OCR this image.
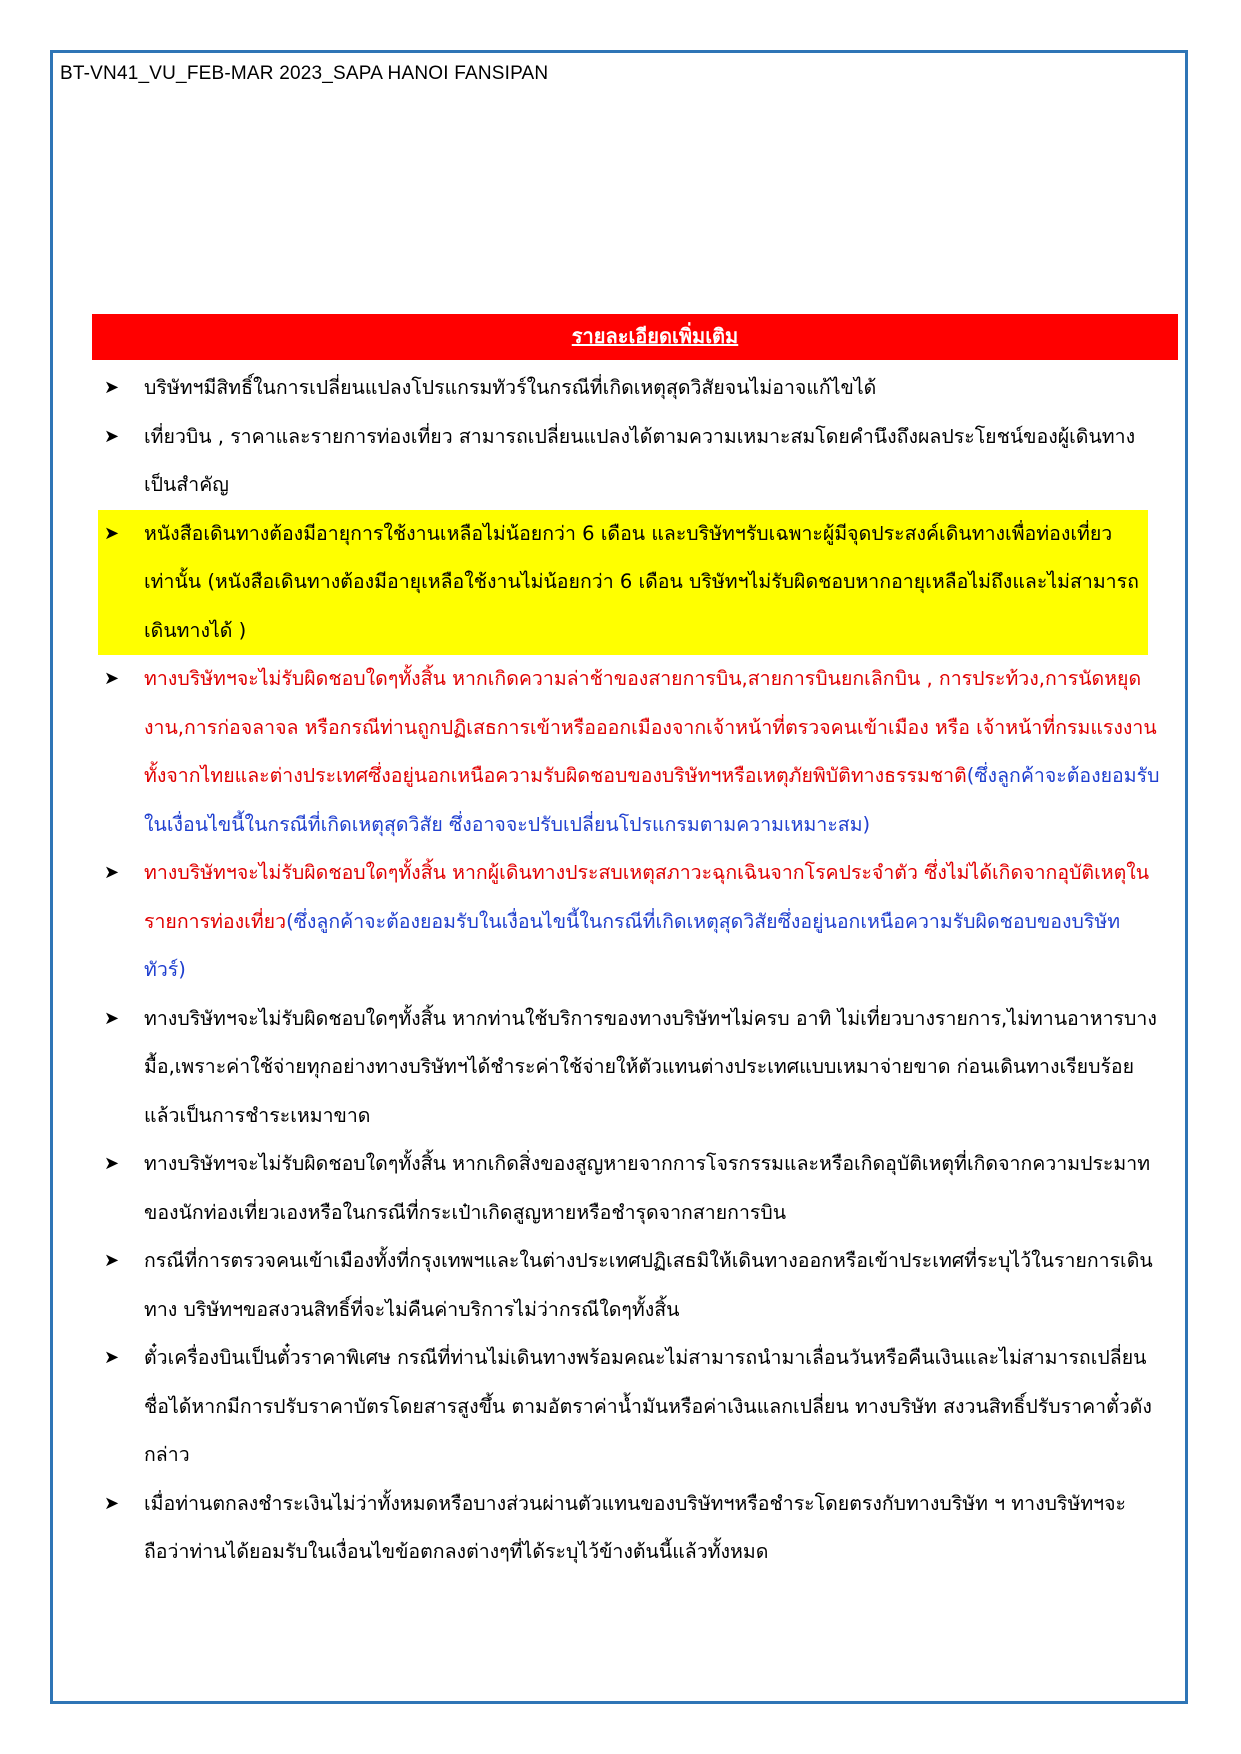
BT-VN41_VU_FEB-MAR 2023_SAPA HANOI FANSIPAN
รายละเอียดเพิ่มเติม
➤ บริษัทฯมีสิทธิ์ในการเปลี่ยนแปลงโปรแกรมทัวร์ในกรณีที่เกิดเหตุสุดวิสัยจนไม่อาจแก้ไขได้
➤ เที่ยวบิน , ราคาและรายการท่องเที่ยว สามารถเปลี่ยนแปลงได้ตามความเหมาะสมโดยคำนึงถึงผลประโยชน์ของผู้เดินทางเป็นสำคัญ
➤ หนังสือเดินทางต้องมีอายุการใช้งานเหลือไม่น้อยกว่า 6 เดือน และบริษัทฯรับเฉพาะผู้มีจุดประสงค์เดินทางเพื่อท่องเที่ยวเท่านั้น (หนังสือเดินทางต้องมีอายุเหลือใช้งานไม่น้อยกว่า 6 เดือน บริษัทฯไม่รับผิดชอบหากอายุเหลือไม่ถึงและไม่สามารถเดินทางได้ )
➤ ทางบริษัทฯจะไม่รับผิดชอบใดๆทั้งสิ้น หากเกิดความล่าช้าของสายการบิน,สายการบินยกเลิกบิน , การประท้วง,การนัดหยุดงาน,การก่อจลาจล หรือกรณีท่านถูกปฏิเสธการเข้าหรือออกเมืองจากเจ้าหน้าที่ตรวจคนเข้าเมือง หรือ เจ้าหน้าที่กรมแรงงานทั้งจากไทยและต่างประเทศซึ่งอยู่นอกเหนือความรับผิดชอบของบริษัทฯหรือเหตุภัยพิบัติทางธรรมชาติ(ซึ่งลูกค้าจะต้องยอมรับในเงื่อนไขนี้ในกรณีที่เกิดเหตุสุดวิสัย ซึ่งอาจจะปรับเปลี่ยนโปรแกรมตามความเหมาะสม)
➤ ทางบริษัทฯจะไม่รับผิดชอบใดๆทั้งสิ้น หากผู้เดินทางประสบเหตุสภาวะฉุกเฉินจากโรคประจำตัว ซึ่งไม่ได้เกิดจากอุบัติเหตุในรายการท่องเที่ยว(ซึ่งลูกค้าจะต้องยอมรับในเงื่อนไขนี้ในกรณีที่เกิดเหตุสุดวิสัยซึ่งอยู่นอกเหนือความรับผิดชอบของบริษัททัวร์)
➤ ทางบริษัทฯจะไม่รับผิดชอบใดๆทั้งสิ้น หากท่านใช้บริการของทางบริษัทฯไม่ครบ อาทิ ไม่เที่ยวบางรายการ,ไม่ทานอาหารบางมื้อ,เพราะค่าใช้จ่ายทุกอย่างทางบริษัทฯได้ชำระค่าใช้จ่ายให้ตัวแทนต่างประเทศแบบเหมาจ่ายขาด ก่อนเดินทางเรียบร้อยแล้วเป็นการชำระเหมาขาด
➤ ทางบริษัทฯจะไม่รับผิดชอบใดๆทั้งสิ้น หากเกิดสิ่งของสูญหายจากการโจรกรรมและหรือเกิดอุบัติเหตุที่เกิดจากความประมาทของนักท่องเที่ยวเองหรือในกรณีที่กระเป๋าเกิดสูญหายหรือชำรุดจากสายการบิน
➤ กรณีที่การตรวจคนเข้าเมืองทั้งที่กรุงเทพฯและในต่างประเทศปฏิเสธมิให้เดินทางออกหรือเข้าประเทศที่ระบุไว้ในรายการเดินทาง บริษัทฯขอสงวนสิทธิ์ที่จะไม่คืนค่าบริการไม่ว่ากรณีใดๆทั้งสิ้น
➤ ตั๋วเครื่องบินเป็นตั๋วราคาพิเศษ กรณีที่ท่านไม่เดินทางพร้อมคณะไม่สามารถนำมาเลื่อนวันหรือคืนเงินและไม่สามารถเปลี่ยนชื่อได้หากมีการปรับราคาบัตรโดยสารสูงขึ้น ตามอัตราค่าน้ำมันหรือค่าเงินแลกเปลี่ยน ทางบริษัท สงวนสิทธิ์ปรับราคาตั๋วดังกล่าว
➤ เมื่อท่านตกลงชำระเงินไม่ว่าทั้งหมดหรือบางส่วนผ่านตัวแทนของบริษัทฯหรือชำระโดยตรงกับทางบริษัท ฯ ทางบริษัทฯจะถือว่าท่านได้ยอมรับในเงื่อนไขข้อตกลงต่างๆที่ได้ระบุไว้ข้างต้นนี้แล้วทั้งหมด
